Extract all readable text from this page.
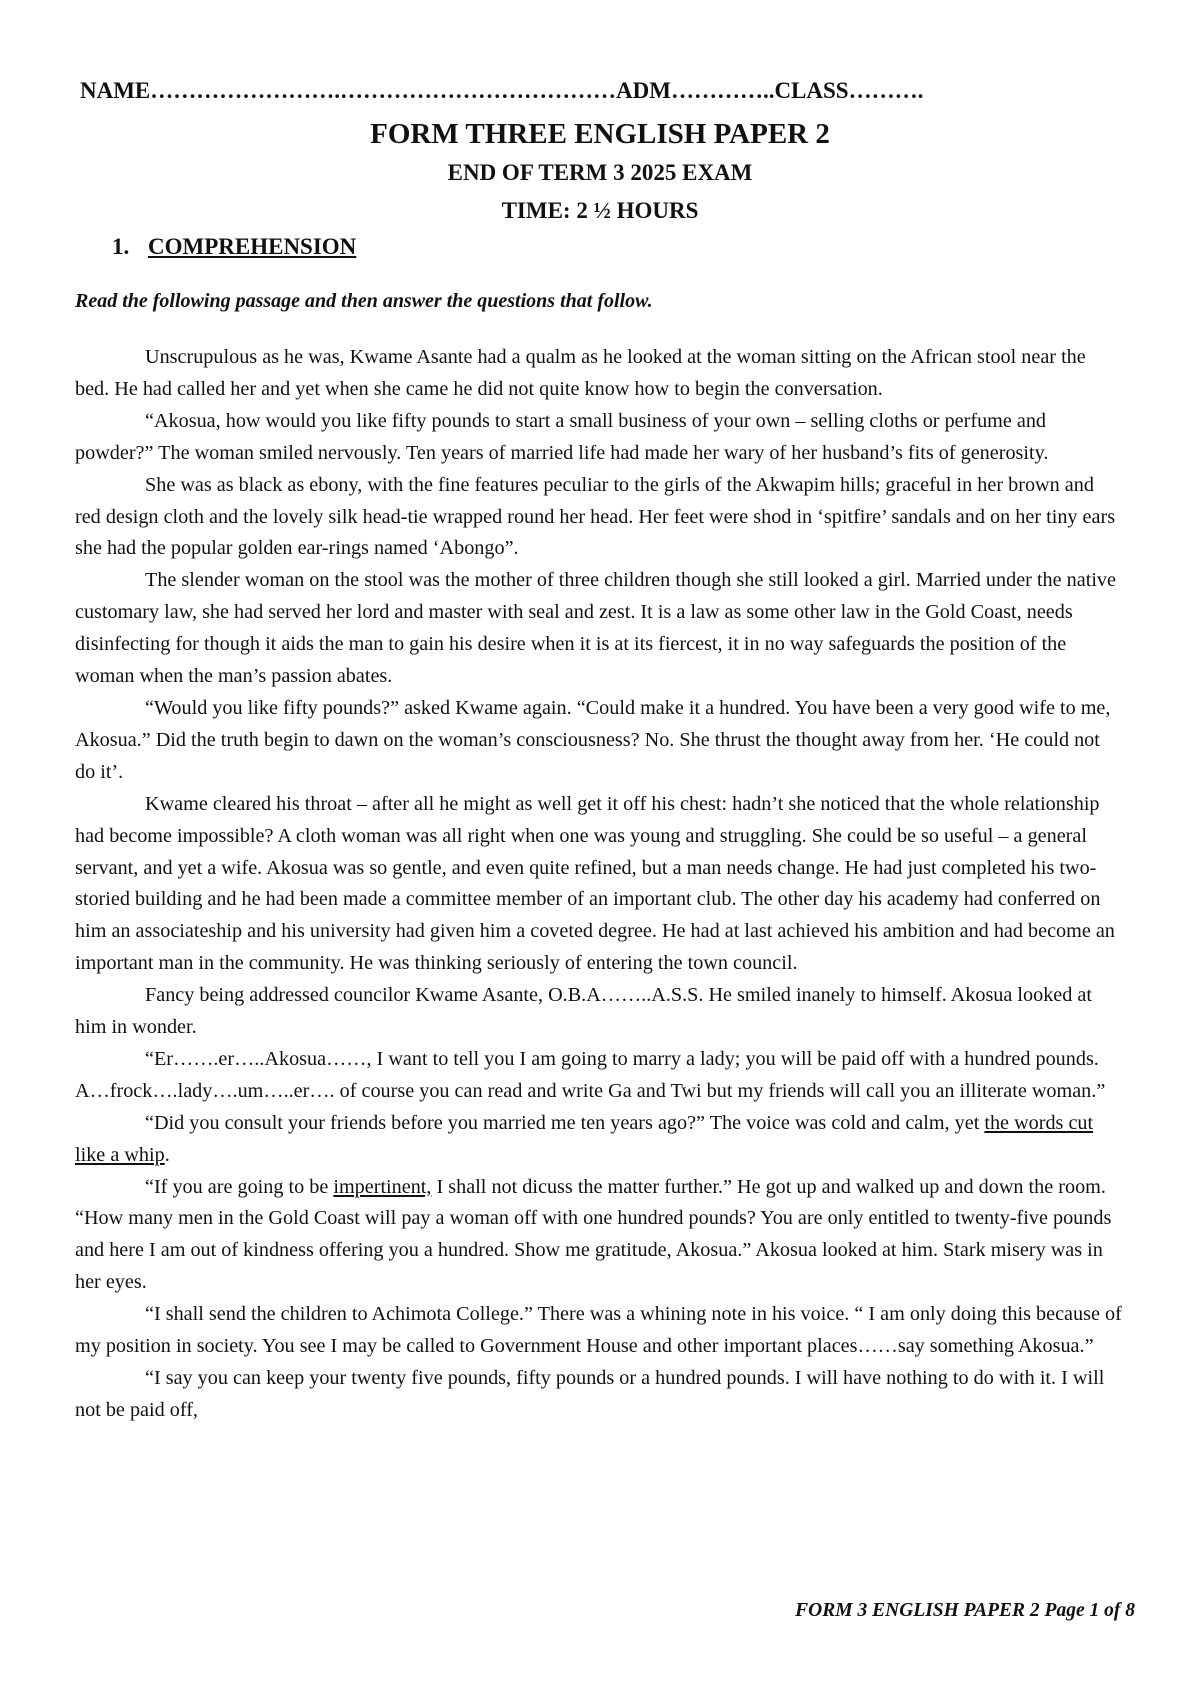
NAME…………………….………………………………ADM…………..CLASS……….
FORM THREE ENGLISH PAPER 2
END OF TERM 3 2025 EXAM
TIME: 2 ½ HOURS
1. COMPREHENSION
Read the following passage and then answer the questions that follow.

Unscrupulous as he was, Kwame Asante had a qualm as he looked at the woman sitting on the African stool near the bed. He had called her and yet when she came he did not quite know how to begin the conversation.

“Akosua, how would you like fifty pounds to start a small business of your own – selling cloths or perfume and powder?” The woman smiled nervously. Ten years of married life had made her wary of her husband’s fits of generosity.

She was as black as ebony, with the fine features peculiar to the girls of the Akwapim hills; graceful in her brown and red design cloth and the lovely silk head-tie wrapped round her head. Her feet were shod in ‘spitfire’ sandals and on her tiny ears she had the popular golden ear-rings named ‘Abongo”.

The slender woman on the stool was the mother of three children though she still looked a girl. Married under the native customary law, she had served her lord and master with seal and zest. It is a law as some other law in the Gold Coast, needs disinfecting for though it aids the man to gain his desire when it is at its fiercest, it in no way safeguards the position of the woman when the man’s passion abates.

“Would you like fifty pounds?” asked Kwame again. “Could make it a hundred. You have been a very good wife to me, Akosua.” Did the truth begin to dawn on the woman’s consciousness? No. She thrust the thought away from her. ‘He could not do it’.

Kwame cleared his throat – after all he might as well get it off his chest: hadn’t she noticed that the whole relationship had become impossible? A cloth woman was all right when one was young and struggling. She could be so useful – a general servant, and yet a wife. Akosua was so gentle, and even quite refined, but a man needs change. He had just completed his two-storied building and he had been made a committee member of an important club. The other day his academy had conferred on him an associateship and his university had given him a coveted degree. He had at last achieved his ambition and had become an important man in the community. He was thinking seriously of entering the town council.

Fancy being addressed councilor Kwame Asante, O.B.A……..A.S.S. He smiled inanely to himself. Akosua looked at him in wonder.

“Er…….er…..Akosua……, I want to tell you I am going to marry a lady; you will be paid off with a hundred pounds. A…frock….lady….um…..er…. of course you can read and write Ga and Twi but my friends will call you an illiterate woman.”

“Did you consult your friends before you married me ten years ago?” The voice was cold and calm, yet the words cut like a whip.

“If you are going to be impertinent, I shall not dicuss the matter further.” He got up and walked up and down the room. “How many men in the Gold Coast will pay a woman off with one hundred pounds? You are only entitled to twenty-five pounds and here I am out of kindness offering you a hundred. Show me gratitude, Akosua.” Akosua looked at him. Stark misery was in her eyes.

“I shall send the children to Achimota College.” There was a whining note in his voice. “ I am only doing this because of my position in society. You see I may be called to Government House and other important places……say something Akosua.”

“I say you can keep your twenty five pounds, fifty pounds or a hundred pounds. I will have nothing to do with it. I will not be paid off,

FORM 3 ENGLISH PAPER 2 Page 1 of 8
